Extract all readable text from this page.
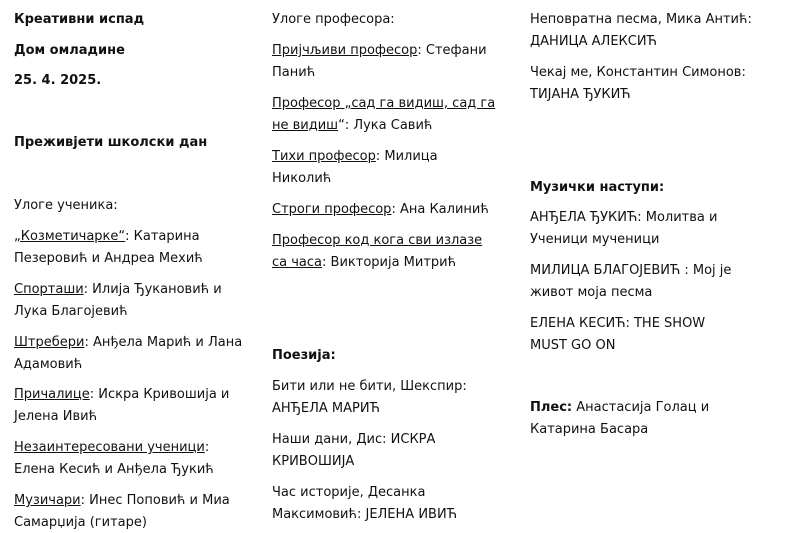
Креативни испад
Дом омладине
25. 4. 2025.
Преживјети школски дан
Улоге ученика:
„Козметичарке“: Катарина
Пезеровић и Андреа Мехић
Спорташи: Илија Ђукановић и
Лука Благојевић
Штребери: Анђела Марић и Лана
Адамовић
Причалице: Искра Кривошија и
Јелена Ивић
Незаинтересовани ученици:
Елена Кесић и Анђела Ђукић
Музичари: Инес Поповић и Миа
Самарџија (гитаре)
Улоге професора:
Пријчљиви професор: Стефани
Панић
Професор „сад га видиш, сад га
не видиш“: Лука Савић
Тихи професор: Милица
Николић
Строги професор: Ана Калинић
Професор код кога сви излазе
са часа: Викторија Митрић
Поезија:
Бити или не бити, Шекспир:
АНЂЕЛА МАРИЋ
Наши дани, Дис: ИСКРА
КРИВОШИЈА
Час историје, Десанка
Максимовић: ЈЕЛЕНА ИВИЋ
Неповратна песма, Мика Антић:
ДАНИЦА АЛЕКСИЋ
Чекај ме, Константин Симонов:
ТИЈАНА ЂУКИЋ
Музички наступи:
АНЂЕЛА ЂУКИЋ: Молитва и
Ученици мученици
МИЛИЦА БЛАГОЈЕВИЋ : Мој је
живот моја песма
ЕЛЕНА КЕСИЋ: THE SHOW
MUST GO ON
Плес: Анастасија Голац и
Катарина Басара
